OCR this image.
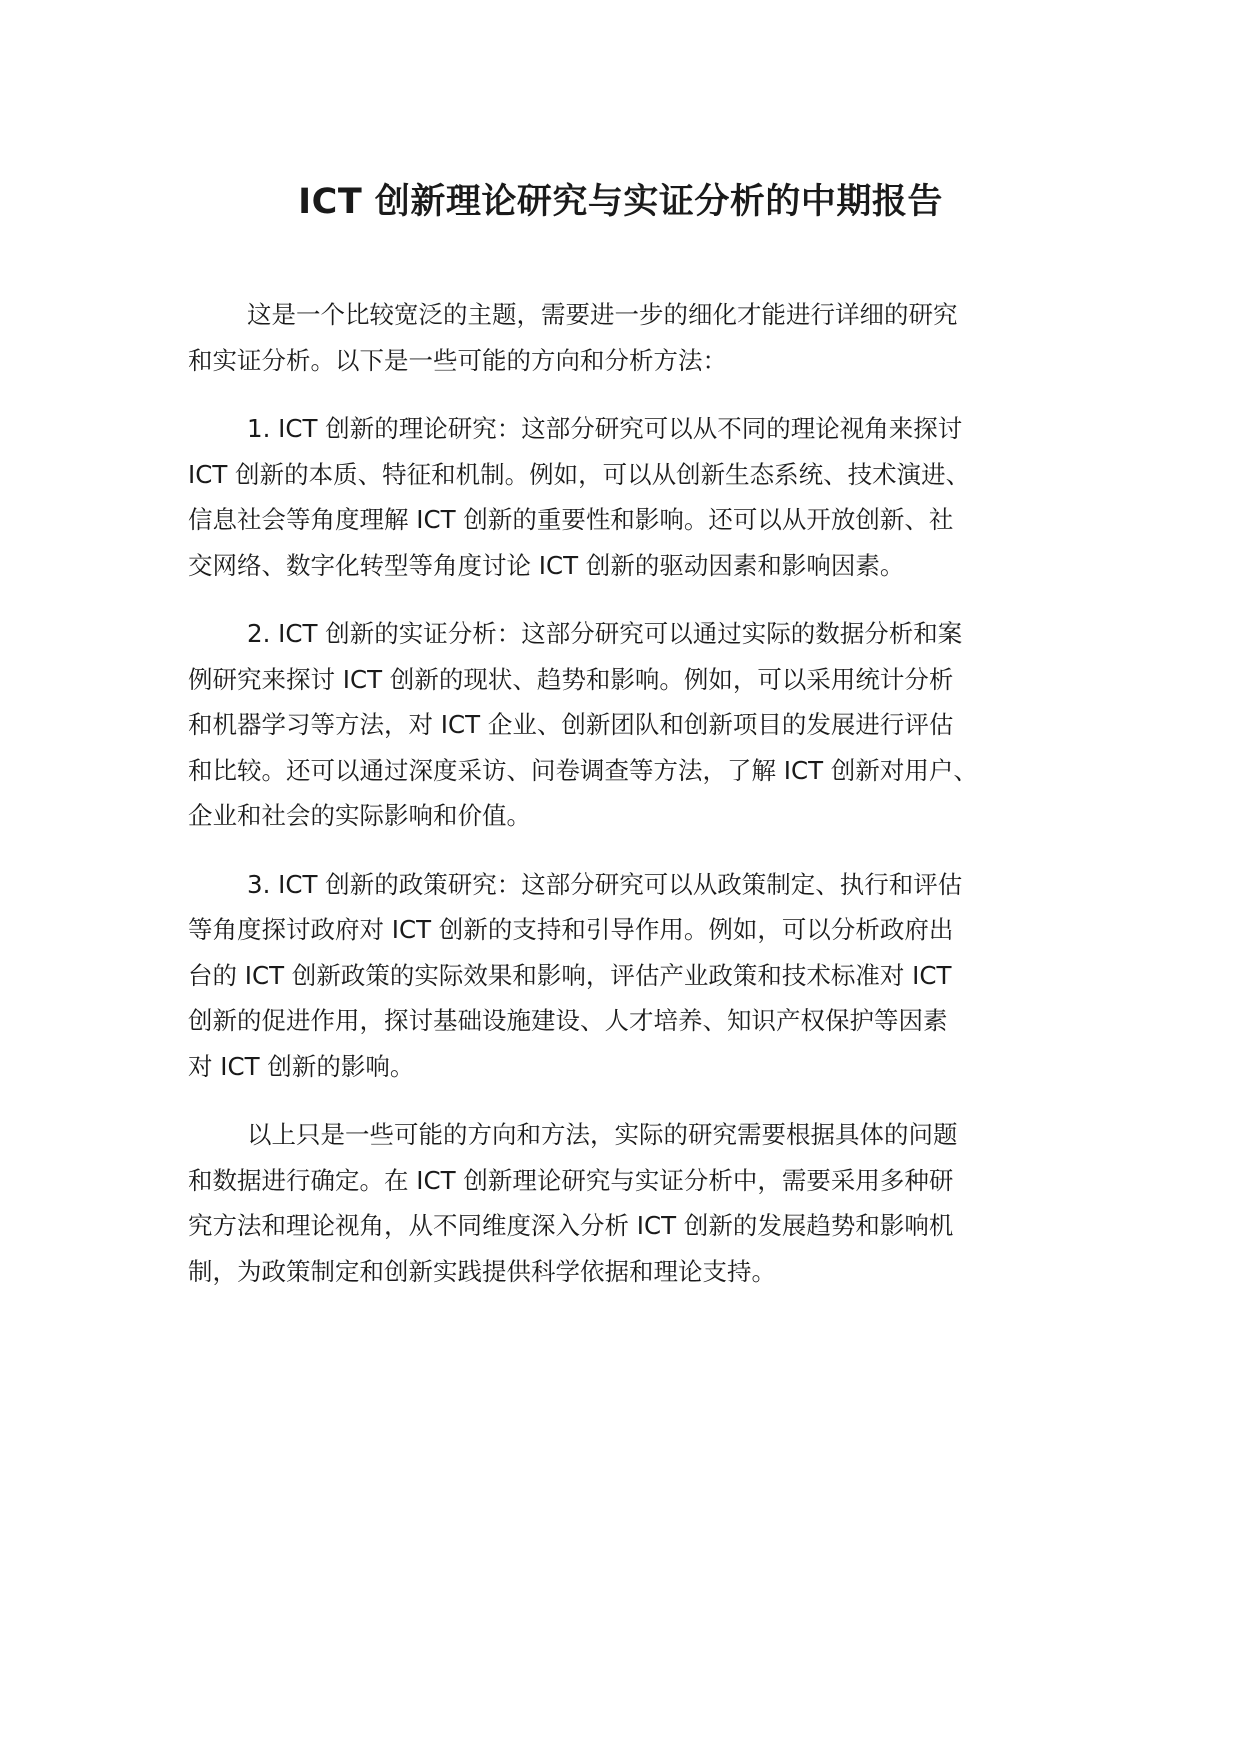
ICT 创新理论研究与实证分析的中期报告

这是一个比较宽泛的主题，需要进一步的细化才能进行详细的研究
和实证分析。以下是一些可能的方向和分析方法：

1. ICT 创新的理论研究：这部分研究可以从不同的理论视角来探讨
ICT 创新的本质、特征和机制。例如，可以从创新生态系统、技术演进、
信息社会等角度理解 ICT 创新的重要性和影响。还可以从开放创新、社
交网络、数字化转型等角度讨论 ICT 创新的驱动因素和影响因素。

2. ICT 创新的实证分析：这部分研究可以通过实际的数据分析和案
例研究来探讨 ICT 创新的现状、趋势和影响。例如，可以采用统计分析
和机器学习等方法，对 ICT 企业、创新团队和创新项目的发展进行评估
和比较。还可以通过深度采访、问卷调查等方法，了解 ICT 创新对用户、
企业和社会的实际影响和价值。

3. ICT 创新的政策研究：这部分研究可以从政策制定、执行和评估
等角度探讨政府对 ICT 创新的支持和引导作用。例如，可以分析政府出
台的 ICT 创新政策的实际效果和影响，评估产业政策和技术标准对 ICT
创新的促进作用，探讨基础设施建设、人才培养、知识产权保护等因素
对 ICT 创新的影响。

以上只是一些可能的方向和方法，实际的研究需要根据具体的问题
和数据进行确定。在 ICT 创新理论研究与实证分析中，需要采用多种研
究方法和理论视角，从不同维度深入分析 ICT 创新的发展趋势和影响机
制，为政策制定和创新实践提供科学依据和理论支持。
